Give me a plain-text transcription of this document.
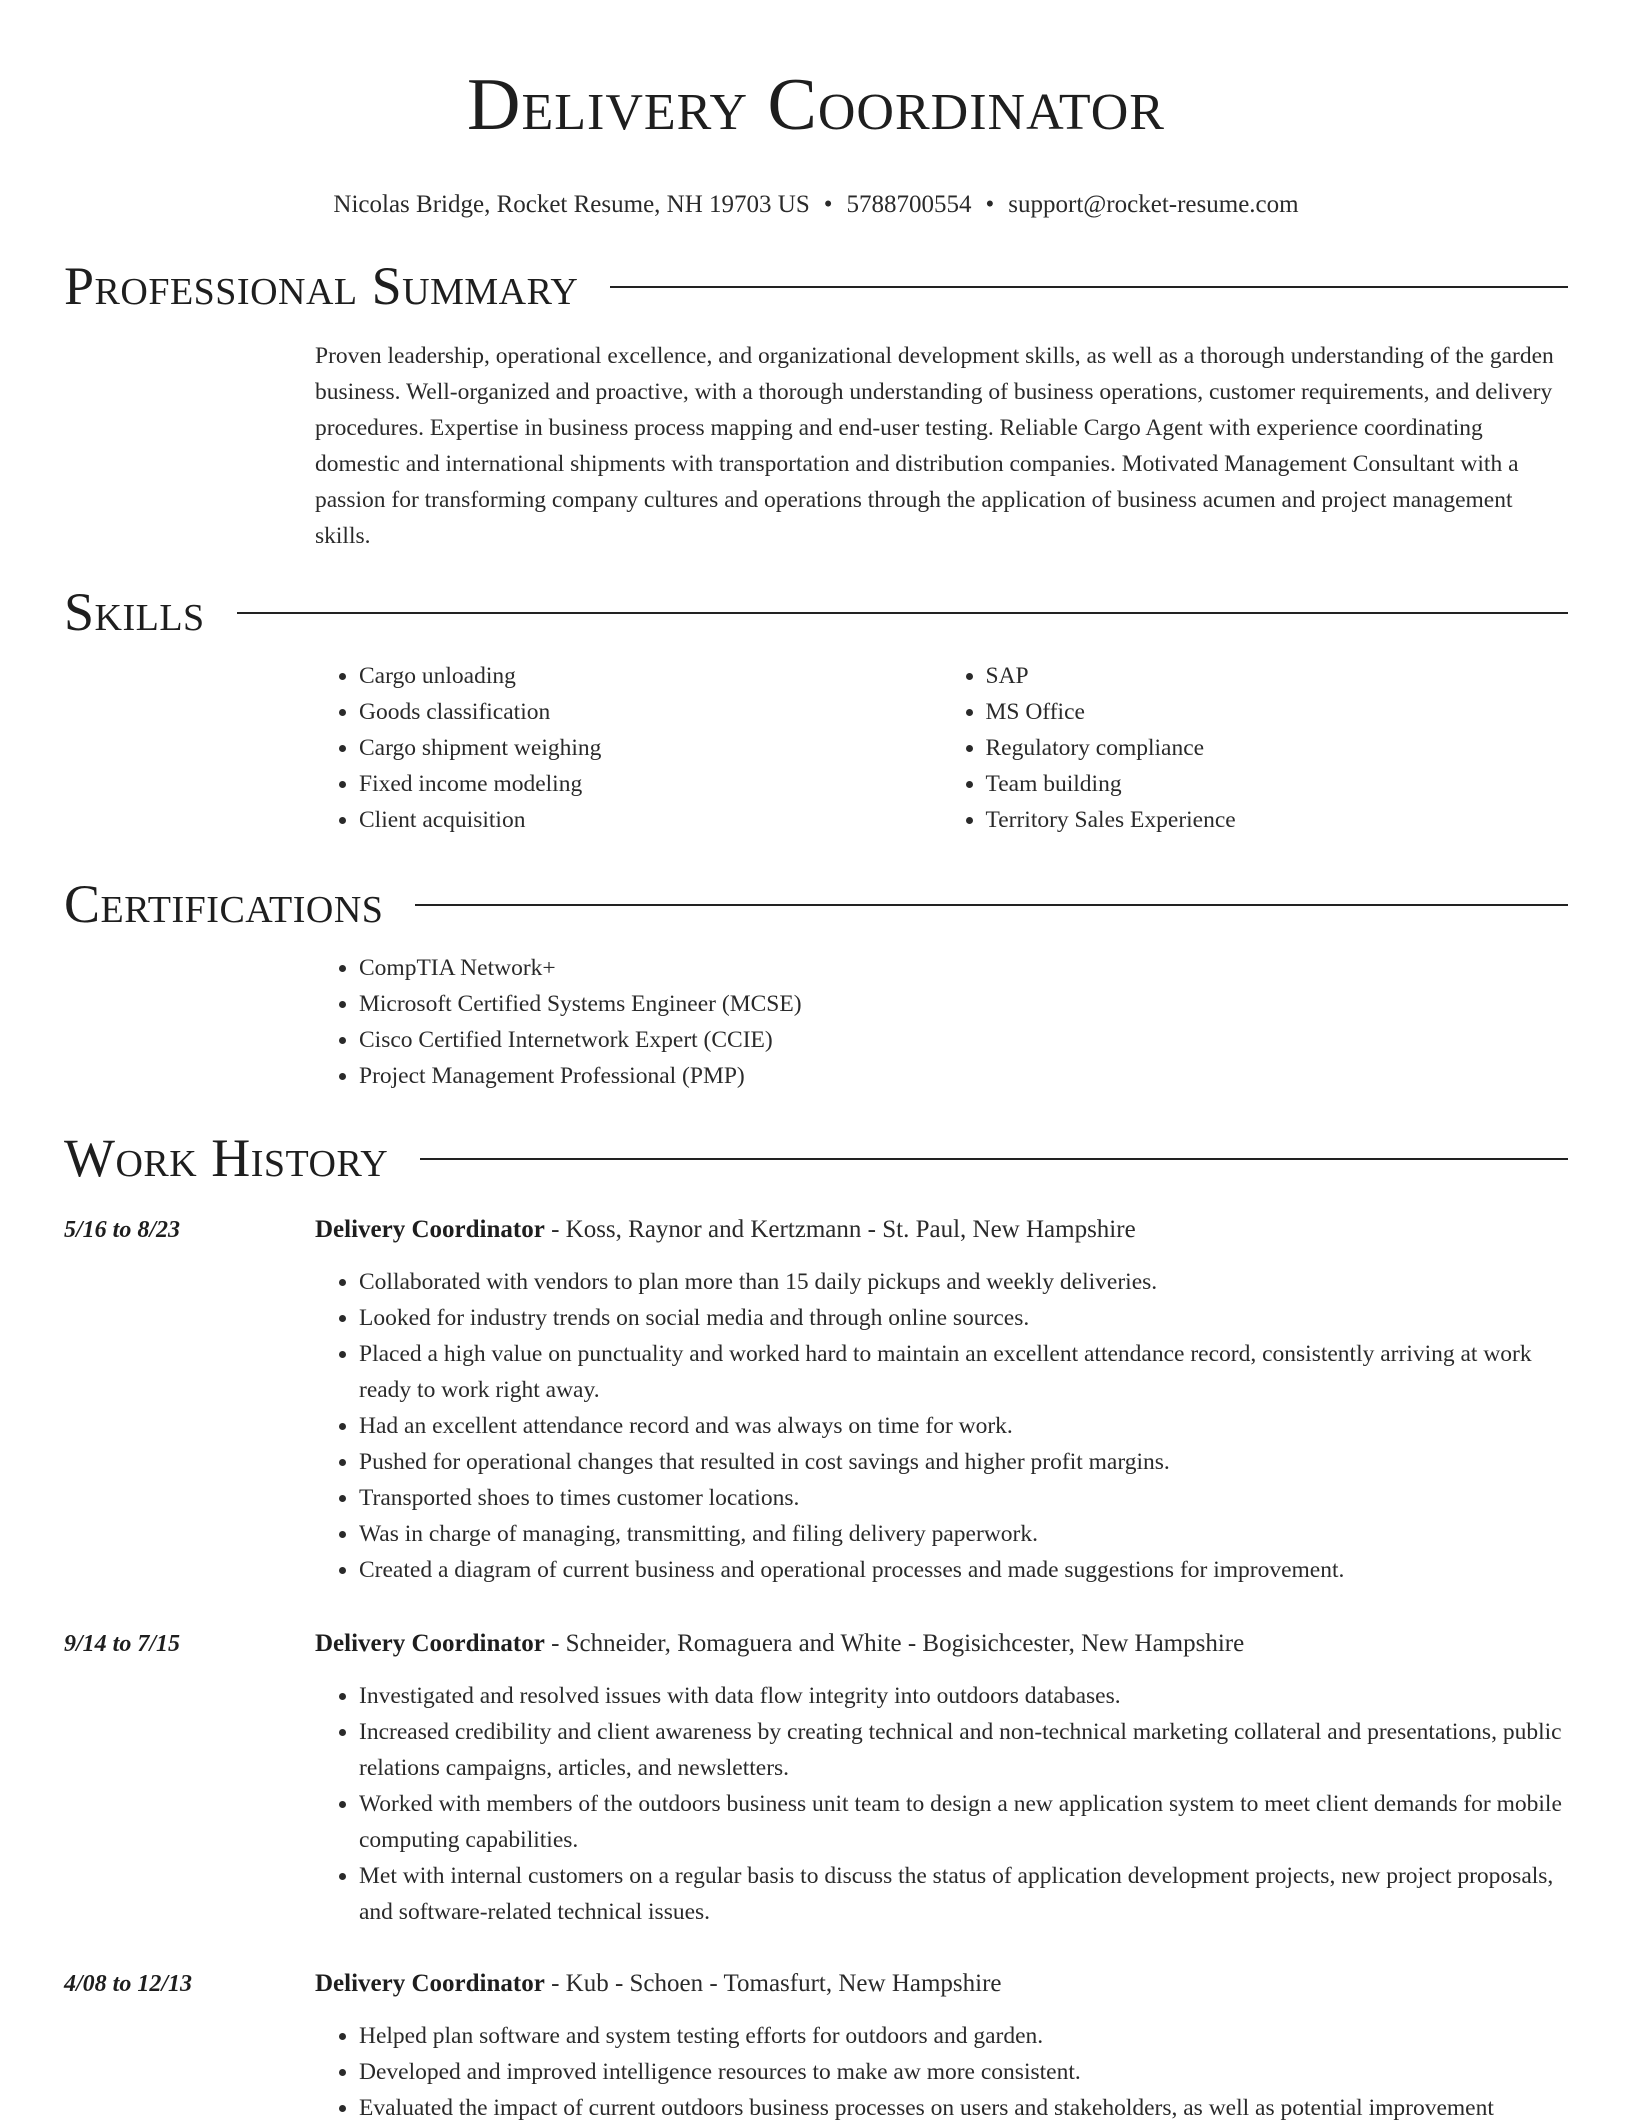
Delivery Coordinator
Nicolas Bridge, Rocket Resume, NH 19703 US • 5788700554 • support@rocket-resume.com
Professional Summary

Proven leadership, operational excellence, and organizational development skills, as well as a thorough understanding of the garden business. Well-organized and proactive, with a thorough understanding of business operations, customer requirements, and delivery procedures. Expertise in business process mapping and end-user testing. Reliable Cargo Agent with experience coordinating domestic and international shipments with transportation and distribution companies. Motivated Management Consultant with a passion for transforming company cultures and operations through the application of business acumen and project management skills.

Skills
• Cargo unloading
• Goods classification
• Cargo shipment weighing
• Fixed income modeling
• Client acquisition
• SAP
• MS Office
• Regulatory compliance
• Team building
• Territory Sales Experience
Certifications
• CompTIA Network+
• Microsoft Certified Systems Engineer (MCSE)
• Cisco Certified Internetwork Expert (CCIE)
• Project Management Professional (PMP)
Work History
5/16 to 8/23	Delivery Coordinator - Koss, Raynor and Kertzmann - St. Paul, New Hampshire
• Collaborated with vendors to plan more than 15 daily pickups and weekly deliveries.
• Looked for industry trends on social media and through online sources.
• Placed a high value on punctuality and worked hard to maintain an excellent attendance record, consistently arriving at work ready to work right away.
• Had an excellent attendance record and was always on time for work.
• Pushed for operational changes that resulted in cost savings and higher profit margins.
• Transported shoes to times customer locations.
• Was in charge of managing, transmitting, and filing delivery paperwork.
• Created a diagram of current business and operational processes and made suggestions for improvement.
9/14 to 7/15	Delivery Coordinator - Schneider, Romaguera and White - Bogisichcester, New Hampshire
• Investigated and resolved issues with data flow integrity into outdoors databases.
• Increased credibility and client awareness by creating technical and non-technical marketing collateral and presentations, public relations campaigns, articles, and newsletters.
• Worked with members of the outdoors business unit team to design a new application system to meet client demands for mobile computing capabilities.
• Met with internal customers on a regular basis to discuss the status of application development projects, new project proposals, and software-related technical issues.
4/08 to 12/13	Delivery Coordinator - Kub - Schoen - Tomasfurt, New Hampshire
• Helped plan software and system testing efforts for outdoors and garden.
• Developed and improved intelligence resources to make aw more consistent.
• Evaluated the impact of current outdoors business processes on users and stakeholders, as well as potential improvement
